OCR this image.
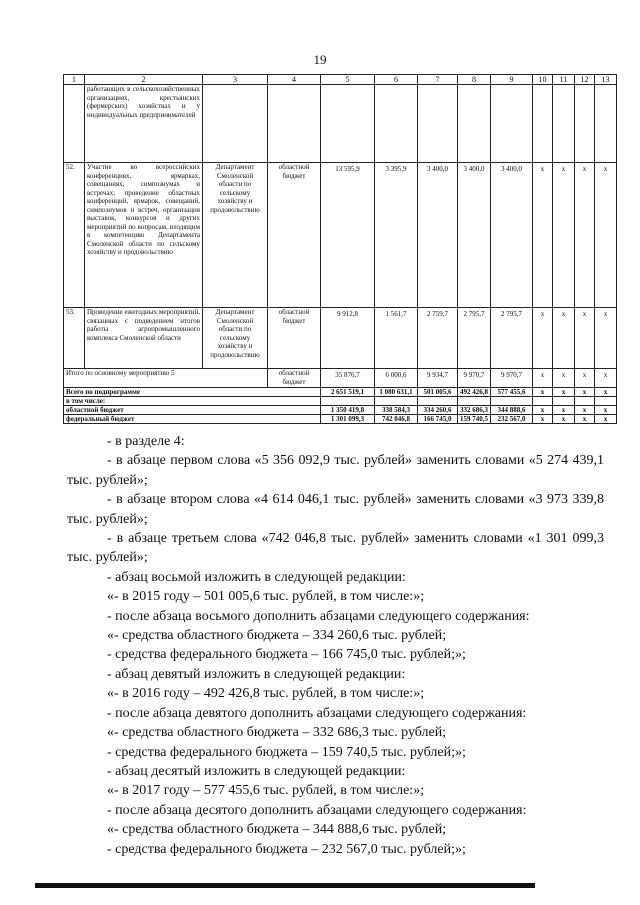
19
1	2	3	4	5	6	7	8	9	10	11	12	13
	работающих в сельскохозяйственных организациях, крестьянских (фермерских) хозяйствах и у индивидуальных предпринимателей											
52.	Участие во всероссийских конференциях, ярмарках, совещаниях, симпозиумах и встречах; проведение областных конференций, ярмарок, совещаний, симпозиумов и встреч, организация выставок, конкурсов и других мероприятий по вопросам, входящим в компетенцию Департамента Смоленской области по сельскому хозяйству и продовольствию	Департамент Смоленской области по сельскому хозяйству и продовольствию	областной бюджет	13 595,9	3 395,9	3 400,0	3 400,0	3 400,0	х	х	х	х
53.	Проведение ежегодных мероприятий, связанных с подведением итогов работы агропромышленного комплекса Смоленской области	Департамент Смоленской области по сельскому хозяйству и продовольствию	областной бюджет	9 912,8	1 561,7	2 759,7	2 795,7	2 795,7	х	х	х	х
Итого по основному мероприятию 5			областной бюджет	35 876,7	6 000,6	9 934,7	9 970,7	9 970,7	х	х	х	х
Всего по подпрограмме				2 651 519,1	1 080 631,1	501 005,6	492 426,8	577 455,6	х	х	х	х
в том числе:												
областной бюджет				1 350 419,8	338 584,3	334 260,6	332 686,3	344 888,6	х	х	х	х
федеральный бюджет				1 301 099,3	742 046,8	166 745,0	159 740,5	232 567,0	х	х	х	х

- в разделе 4:

- в абзаце первом слова «5 356 092,9 тыс. рублей» заменить словами «5 274 439,1 тыс. рублей»;

- в абзаце втором слова «4 614 046,1 тыс. рублей» заменить словами «3 973 339,8 тыс. рублей»;

- в абзаце третьем слова «742 046,8 тыс. рублей» заменить словами «1 301 099,3 тыс. рублей»;

- абзац восьмой изложить в следующей редакции:

«- в 2015 году – 501 005,6 тыс. рублей, в том числе:»;

- после абзаца восьмого дополнить абзацами следующего содержания:

«- средства областного бюджета – 334 260,6 тыс. рублей;

- средства федерального бюджета – 166 745,0 тыс. рублей;»;

- абзац девятый изложить в следующей редакции:

«- в 2016 году – 492 426,8 тыс. рублей, в том числе:»;

- после абзаца девятого дополнить абзацами следующего содержания:

«- средства областного бюджета – 332 686,3 тыс. рублей;

- средства федерального бюджета – 159 740,5 тыс. рублей;»;

- абзац десятый изложить в следующей редакции:

«- в 2017 году – 577 455,6 тыс. рублей, в том числе:»;

- после абзаца десятого дополнить абзацами следующего содержания:

«- средства областного бюджета – 344 888,6 тыс. рублей;

- средства федерального бюджета – 232 567,0 тыс. рублей;»;
